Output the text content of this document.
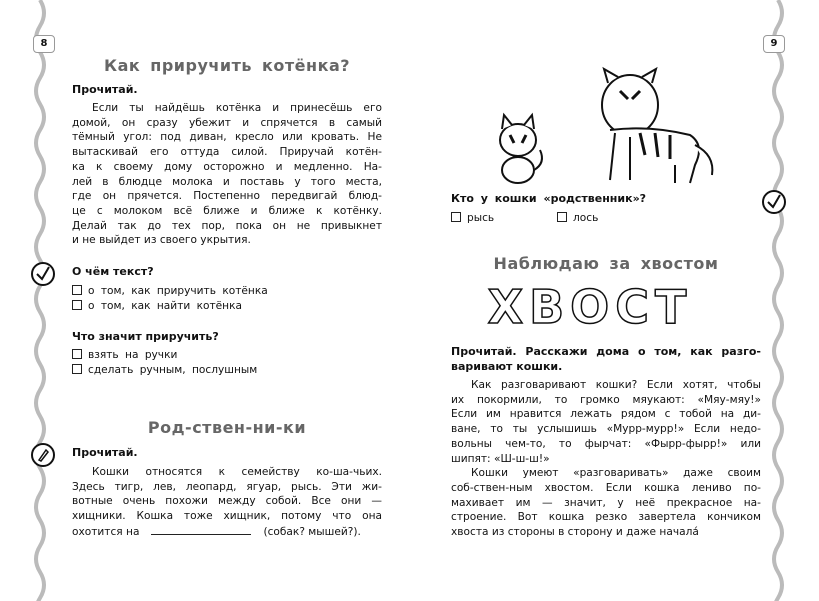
8
Как приручить котёнка?
Прочитай.
Если ты найдёшь котёнка и принесёшь его
домой, он сразу убежит и спрячется в самый
тёмный угол: под диван, кресло или кровать. Не
вытаскивай его оттуда силой. Приручай котён-
ка к своему дому осторожно и медленно. На-
лей в блюдце молока и поставь у того места,
где он прячется. Постепенно передвигай блюд-
це с молоком всё ближе и ближе к котёнку.
Делай так до тех пор, пока он не привыкнет
и не выйдет из своего укрытия.
О чём текст?
о том, как приручить котёнка
о том, как найти котёнка
Что значит приручить?
взять на ручки
сделать ручным, послушным
Род-ствен-ни-ки
Прочитай.
Кошки относятся к семейству ко-ша-чьих.
Здесь тигр, лев, леопард, ягуар, рысь. Эти жи-
вотные очень похожи между собой. Все они —
хищники. Кошка тоже хищник, потому что она
охотится на	(собак? мышей?).
9
Кто у кошки «родственник»?
рысь	лось
Наблюдаю за хвостом
ХВОСТ
Прочитай. Расскажи дома о том, как разго-
варивают кошки.
Как разговаривают кошки? Если хотят, чтобы
их покормили, то громко мяукают: «Мяу-мяу!»
Если им нравится лежать рядом с тобой на ди-
ване, то ты услышишь «Мурр-мурр!» Если недо-
вольны чем-то, то фырчат: «Фырр-фырр!» или
шипят: «Ш-ш-ш!»
Кошки умеют «разговаривать» даже своим
соб-ствен-ным хвостом. Если кошка лениво по-
махивает им — значит, у неё прекрасное на-
строение. Вот кошка резко завертела кончиком
хвоста из стороны в сторону и даже начала́
